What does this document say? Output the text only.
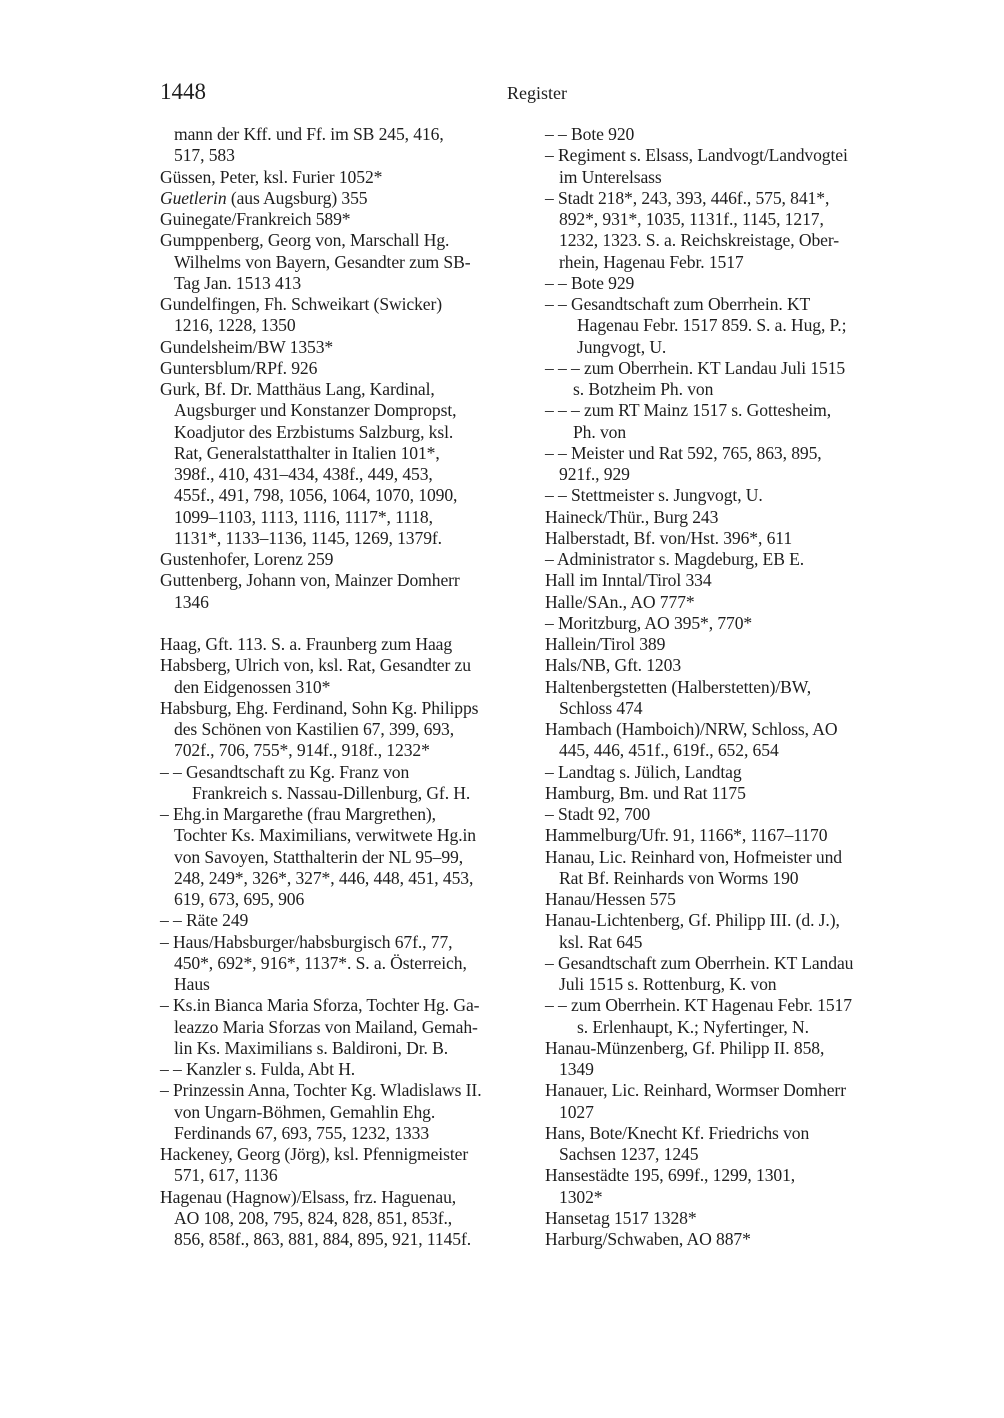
1448	Register
mann der Kff. und Ff. im SB 245, 416,
517, 583
Güssen, Peter, ksl. Furier 1052*
Guetlerin (aus Augsburg) 355
Guinegate/Frankreich 589*
Gumppenberg, Georg von, Marschall Hg.
Wilhelms von Bayern, Gesandter zum SB-
Tag Jan. 1513 413
Gundelfingen, Fh. Schweikart (Swicker)
1216, 1228, 1350
Gundelsheim/BW 1353*
Guntersblum/RPf. 926
Gurk, Bf. Dr. Matthäus Lang, Kardinal,
Augsburger und Konstanzer Dompropst,
Koadjutor des Erzbistums Salzburg, ksl.
Rat, Generalstatthalter in Italien 101*,
398f., 410, 431–434, 438f., 449, 453,
455f., 491, 798, 1056, 1064, 1070, 1090,
1099–1103, 1113, 1116, 1117*, 1118,
1131*, 1133–1136, 1145, 1269, 1379f.
Gustenhofer, Lorenz 259
Guttenberg, Johann von, Mainzer Domherr
1346
Haag, Gft. 113. S. a. Fraunberg zum Haag
Habsberg, Ulrich von, ksl. Rat, Gesandter zu
den Eidgenossen 310*
Habsburg, Ehg. Ferdinand, Sohn Kg. Philipps
des Schönen von Kastilien 67, 399, 693,
702f., 706, 755*, 914f., 918f., 1232*
– – Gesandtschaft zu Kg. Franz von
Frankreich s. Nassau-Dillenburg, Gf. H.
– Ehg.in Margarethe (frau Margrethen),
Tochter Ks. Maximilians, verwitwete Hg.in
von Savoyen, Statthalterin der NL 95–99,
248, 249*, 326*, 327*, 446, 448, 451, 453,
619, 673, 695, 906
– – Räte 249
– Haus/Habsburger/habsburgisch 67f., 77,
450*, 692*, 916*, 1137*. S. a. Österreich,
Haus
– Ks.in Bianca Maria Sforza, Tochter Hg. Ga-
leazzo Maria Sforzas von Mailand, Gemah-
lin Ks. Maximilians s. Baldironi, Dr. B.
– – Kanzler s. Fulda, Abt H.
– Prinzessin Anna, Tochter Kg. Wladislaws II.
von Ungarn-Böhmen, Gemahlin Ehg.
Ferdinands 67, 693, 755, 1232, 1333
Hackeney, Georg (Jörg), ksl. Pfennigmeister
571, 617, 1136
Hagenau (Hagnow)/Elsass, frz. Haguenau,
AO 108, 208, 795, 824, 828, 851, 853f.,
856, 858f., 863, 881, 884, 895, 921, 1145f.
– – Bote 920
– Regiment s. Elsass, Landvogt/Landvogtei
im Unterelsass
– Stadt 218*, 243, 393, 446f., 575, 841*,
892*, 931*, 1035, 1131f., 1145, 1217,
1232, 1323. S. a. Reichskreistage, Ober-
rhein, Hagenau Febr. 1517
– – Bote 929
– – Gesandtschaft zum Oberrhein. KT
Hagenau Febr. 1517 859. S. a. Hug, P.;
Jungvogt, U.
– – – zum Oberrhein. KT Landau Juli 1515
s. Botzheim Ph. von
– – – zum RT Mainz 1517 s. Gottesheim,
Ph. von
– – Meister und Rat 592, 765, 863, 895,
921f., 929
– – Stettmeister s. Jungvogt, U.
Haineck/Thür., Burg 243
Halberstadt, Bf. von/Hst. 396*, 611
– Administrator s. Magdeburg, EB E.
Hall im Inntal/Tirol 334
Halle/SAn., AO 777*
– Moritzburg, AO 395*, 770*
Hallein/Tirol 389
Hals/NB, Gft. 1203
Haltenbergstetten (Halberstetten)/BW,
Schloss 474
Hambach (Hamboich)/NRW, Schloss, AO
445, 446, 451f., 619f., 652, 654
– Landtag s. Jülich, Landtag
Hamburg, Bm. und Rat 1175
– Stadt 92, 700
Hammelburg/Ufr. 91, 1166*, 1167–1170
Hanau, Lic. Reinhard von, Hofmeister und
Rat Bf. Reinhards von Worms 190
Hanau/Hessen 575
Hanau-Lichtenberg, Gf. Philipp III. (d. J.),
ksl. Rat 645
– Gesandtschaft zum Oberrhein. KT Landau
Juli 1515 s. Rottenburg, K. von
– – zum Oberrhein. KT Hagenau Febr. 1517
s. Erlenhaupt, K.; Nyfertinger, N.
Hanau-Münzenberg, Gf. Philipp II. 858,
1349
Hanauer, Lic. Reinhard, Wormser Domherr
1027
Hans, Bote/Knecht Kf. Friedrichs von
Sachsen 1237, 1245
Hansestädte 195, 699f., 1299, 1301,
1302*
Hansetag 1517 1328*
Harburg/Schwaben, AO 887*
